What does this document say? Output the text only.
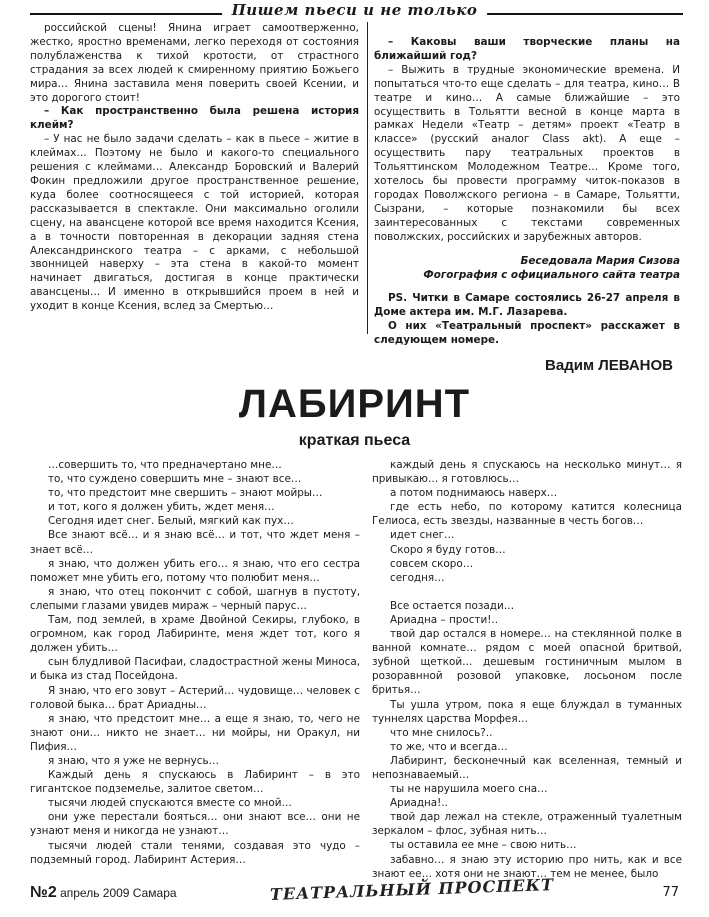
Пишем пьеси и не только

российской сцены! Янина играет самоотверженно, жестко, яростно временами, легко переходя от состояния полублаженства к тихой кротости, от страстного страдания за всех людей к смиренному приятию Божьего мира… Янина заставила меня поверить своей Ксении, и это дорогого стоит!

– Как пространственно была решена история клейм?

– У нас не было задачи сделать – как в пьесе – житие в клеймах… Поэтому не было и какого-то специального решения с клеймами… Александр Боровский и Валерий Фокин предложили другое пространственное решение, куда более соотносящееся с той историей, которая рассказывается в спектакле. Они максимально оголили сцену, на авансцене которой все время находится Ксения, а в точности повторенная в декорации задняя стена Александринского театра – с арками, с небольшой звонницей наверху – эта стена в какой-то момент начинает двигаться, достигая в конце практически авансцены… И именно в открывшийся проем в ней и уходит в конце Ксения, вслед за Смертью…

– Каковы ваши творческие планы на ближайший год?

– Выжить в трудные экономические времена. И попытаться что-то еще сделать – для театра, кино… В театре и кино… А самые ближайшие – это осуществить в Тольятти весной в конце марта в рамках Недели «Театр – детям» проект «Театр в классе» (русский аналог Class akt). А еще – осуществить пару театральных проектов в Тольяттинском Молодежном Театре… Кроме того, хотелось бы провести программу читок-показов в городах Поволжского региона – в Самаре, Тольятти, Сызрани, – которые познакомили бы всех заинтересованных с текстами современных поволжских, российских и зарубежных авторов.

Беседовала Мария Сизова

Фогография с официального сайта театра

PS. Читки в Самаре состоялись 26-27 апреля в Доме актера им. М.Г. Лазарева.

О них «Театральный проспект» расскажет в следующем номере.

Вадим ЛЕВАНОВ
ЛАБИРИНТ
краткая пьеса

…совершить то, что предначертано мне…

то, что суждено совершить мне – знают все…

то, что предстоит мне свершить – знают мойры…

и тот, кого я должен убить, ждет меня…

Сегодня идет снег. Белый, мягкий как пух…

Все знают всё… и я знаю всё… и тот, что ждет меня – знает всё…

я знаю, что должен убить его… я знаю, что его сестра поможет мне убить его, потому что полюбит меня…

я знаю, что отец покончит с собой, шагнув в пустоту, слепыми глазами увидев мираж – черный парус…

Там, под землей, в храме Двойной Секиры, глубоко, в огромном, как город Лабиринте, меня ждет тот, кого я должен убить…

сын блудливой Пасифаи, сладострастной жены Миноса, и быка из стад Посейдона.

Я знаю, что его зовут – Астерий… чудовище… человек с головой быка… брат Ариадны…

я знаю, что предстоит мне… а еще я знаю, то, чего не знают они… никто не знает… ни мойры, ни Оракул, ни Пифия…

я знаю, что я уже не вернусь…

Каждый день я спускаюсь в Лабиринт – в это гигантское подземелье, залитое светом…

тысячи людей спускаются вместе со мной…

они уже перестали бояться… они знают все… они не узнают меня и никогда не узнают…

тысячи людей стали тенями, создавая это чудо – подземный город. Лабиринт Астерия…

каждый день я спускаюсь на несколько минут… я привыкаю… я готовлюсь…

а потом поднимаюсь наверх…

где есть небо, по которому катится колесница Гелиоса, есть звезды, названные в честь богов…

идет снег…

Скоро я буду готов…

совсем скоро…

сегодня…

Все остается позади…

Ариадна – прости!..

твой дар остался в номере… на стеклянной полке в ванной комнате… рядом с моей опасной бритвой, зубной щеткой… дешевым гостиничным мылом в розоравнной розовой упаковке, лосьоном после бритья…

Ты ушла утром, пока я еще блуждал в туманных туннелях царства Морфея…

что мне снилось?..

то же, что и всегда…

Лабиринт, бесконечный как вселенная, темный и непознаваемый…

ты не нарушила моего сна…

Ариадна!..

твой дар лежал на стекле, отраженный туалетным зеркалом – флос, зубная нить…

ты оставила ее мне – свою нить…

забавно… я знаю эту историю про нить, как и все знают ее… хотя они не знают… тем не менее, было

№2 апрель 2009 Самара	ТЕАТРАЛЬНЫЙ ПРОСПЕКТ	77
